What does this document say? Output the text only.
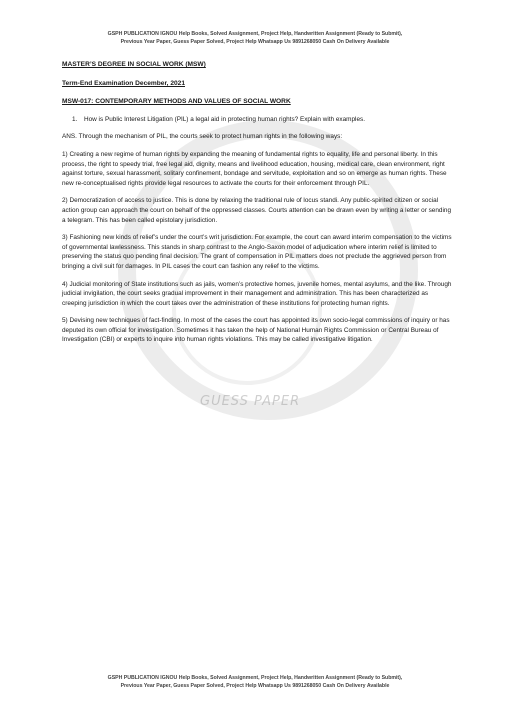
GUESS PAPER
GSPH PUBLICATION IGNOU Help Books, Solved Assignment, Project Help, Handwritten Assignment (Ready to Submit),
Previous Year Paper, Guess Paper Solved, Project Help Whatsapp Us 9891268050 Cash On Delivery Available
MASTER’S DEGREE IN SOCIAL WORK (MSW)
Term-End Examination December, 2021
MSW-017: CONTEMPORARY METHODS AND VALUES OF SOCIAL WORK
1. How is Public Interest Litigation (PIL) a legal aid in protecting human rights? Explain with examples.

ANS. Through the mechanism of PIL, the courts seek to protect human rights in the following ways:

1) Creating a new regime of human rights by expanding the meaning of fundamental rights to equality, life and personal liberty. In this process, the right to speedy trial, free legal aid, dignity, means and livelihood education, housing, medical care, clean environment, right against torture, sexual harassment, solitary confinement, bondage and servitude, exploitation and so on emerge as human rights. These new re-conceptualised rights provide legal resources to activate the courts for their enforcement through PIL.

2) Democratization of access to justice. This is done by relaxing the traditional rule of locus standi. Any public-spirited citizen or social action group can approach the court on behalf of the oppressed classes. Courts attention can be drawn even by writing a letter or sending a telegram. This has been called epistolary jurisdiction.

3) Fashioning new kinds of relief’s under the court’s writ jurisdiction. For example, the court can award interim compensation to the victims of governmental lawlessness. This stands in sharp contrast to the Anglo-Saxon model of adjudication where interim relief is limited to preserving the status quo pending final decision. The grant of compensation in PIL matters does not preclude the aggrieved person from bringing a civil suit for damages. In PIL cases the court can fashion any relief to the victims.

4) Judicial monitoring of State institutions such as jails, women’s protective homes, juvenile homes, mental asylums, and the like. Through judicial invigilation, the court seeks gradual improvement in their management and administration. This has been characterized as creeping jurisdiction in which the court takes over the administration of these institutions for protecting human rights.

5) Devising new techniques of fact-finding. In most of the cases the court has appointed its own socio-legal commissions of inquiry or has deputed its own official for investigation. Sometimes it has taken the help of National Human Rights Commission or Central Bureau of Investigation (CBI) or experts to inquire into human rights violations. This may be called investigative litigation.

GSPH PUBLICATION IGNOU Help Books, Solved Assignment, Project Help, Handwritten Assignment (Ready to Submit),
Previous Year Paper, Guess Paper Solved, Project Help Whatsapp Us 9891268050 Cash On Delivery Available
